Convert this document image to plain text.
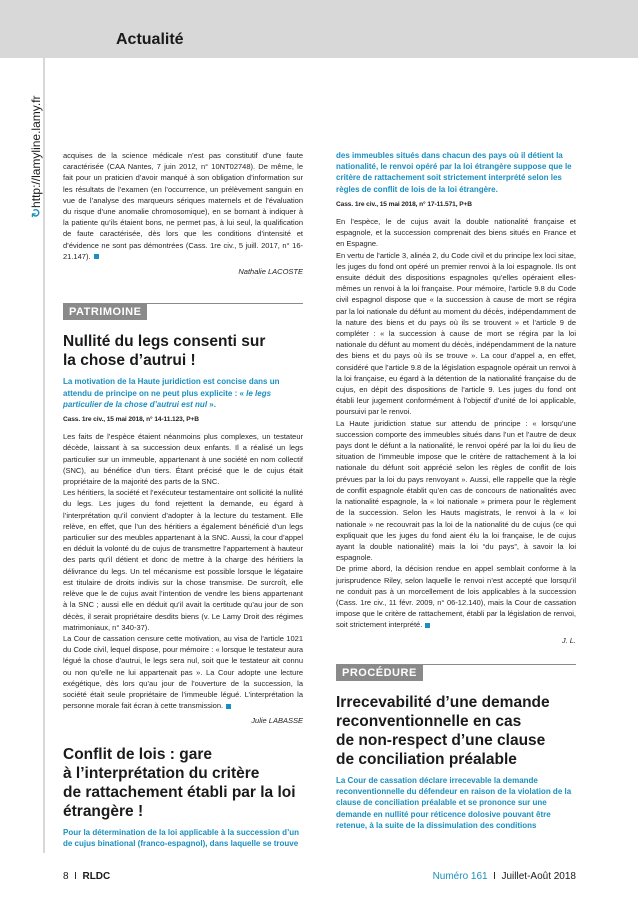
Actualité
↻http://lamyline.lamy.fr	acquises de la science médicale n’est pas constitutif d’une faute caractérisée (CAA Nantes, 7 juin 2012, n° 10NT02748). De même, le fait pour un praticien d’avoir manqué à son obligation d’information sur les résultats de l’examen (en l’occurrence, un prélèvement sanguin en vue de l’analyse des marqueurs sériques maternels et de l’évaluation du risque d’une anomalie chromosomique), en se bornant à indiquer à la patiente qu’ils étaient bons, ne permet pas, à lui seul, la qualification de faute caractérisée, dès lors que les conditions d’intensité et d’évidence ne sont pas démontrées (Cass. 1re civ., 5 juill. 2017, n° 16-21.147).

Nathalie LACOSTE
PATRIMOINE
Nullité du legs consenti sur
la chose d’autrui !
La motivation de la Haute juridiction est concise dans un attendu de principe on ne peut plus explicite : « le legs particulier de la chose d’autrui est nul ».
Cass. 1re civ., 15 mai 2018, n° 14-11.123, P+B

Les faits de l’espèce étaient néanmoins plus complexes, un testateur décède, laissant à sa succession deux enfants. Il a réalisé un legs particulier sur un immeuble, appartenant à une société en nom collectif (SNC), au bénéfice d’un tiers. Étant précisé que le de cujus était propriétaire de la majorité des parts de la SNC.

Les héritiers, la société et l’exécuteur testamentaire ont sollicité la nullité du legs. Les juges du fond rejettent la demande, eu égard à l’interprétation qu’il convient d’adopter à la lecture du testament. Elle relève, en effet, que l’un des héritiers a également bénéficié d’un legs particulier sur des meubles appartenant à la SNC. Aussi, la cour d’appel en déduit la volonté du de cujus de transmettre l’appartement à hauteur des parts qu’il détient et donc de mettre à la charge des héritiers la délivrance du legs. Un tel mécanisme est possible lorsque le légataire est titulaire de droits indivis sur la chose transmise. De surcroît, elle relève que le de cujus avait l’intention de vendre les biens appartenant à la SNC ; aussi elle en déduit qu’il avait la certitude qu’au jour de son décès, il serait propriétaire desdits biens (v. Le Lamy Droit des régimes matrimoniaux, n° 340-37).

La Cour de cassation censure cette motivation, au visa de l’article 1021 du Code civil, lequel dispose, pour mémoire : « lorsque le testateur aura légué la chose d’autrui, le legs sera nul, soit que le testateur ait connu ou non qu’elle ne lui appartenait pas ». La Cour adopte une lecture exégétique, dès lors qu’au jour de l’ouverture de la succession, la société était seule propriétaire de l’immeuble légué. L’interprétation la personne morale fait écran à cette transmission.

Julie LABASSE
Conflit de lois : gare
à l’interprétation du critère
de rattachement établi par la loi
étrangère !
Pour la détermination de la loi applicable à la succession d’un de cujus binational (franco-espagnol), dans laquelle se trouve
des immeubles situés dans chacun des pays où il détient la nationalité, le renvoi opéré par la loi étrangère suppose que le critère de rattachement soit strictement interprété selon les règles de conflit de lois de la loi étrangère.
Cass. 1re civ., 15 mai 2018, n° 17-11.571, P+B

En l’espèce, le de cujus avait la double nationalité française et espagnole, et la succession comprenait des biens situés en France et en Espagne.

En vertu de l’article 3, alinéa 2, du Code civil et du principe lex loci sitae, les juges du fond ont opéré un premier renvoi à la loi espagnole. Ils ont ensuite déduit des dispositions espagnoles qu’elles opéraient elles-mêmes un renvoi à la loi française. Pour mémoire, l’article 9.8 du Code civil espagnol dispose que « la succession à cause de mort se régira par la loi nationale du défunt au moment du décès, indépendamment de la nature des biens et du pays où ils se trouvent » et l’article 9 de compléter : « la succession à cause de mort se régira par la loi nationale du défunt au moment du décès, indépendamment de la nature des biens et du pays où ils se trouve ». La cour d’appel a, en effet, considéré que l’article 9.8 de la législation espagnole opérait un renvoi à la loi française, eu égard à la détention de la nationalité française du de cujus, en dépit des dispositions de l’article 9. Les juges du fond ont établi leur jugement conformément à l’objectif d’unité de loi applicable, poursuivi par le renvoi.

La Haute juridiction statue sur attendu de principe : « lorsqu’une succession comporte des immeubles situés dans l’un et l’autre de deux pays dont le défunt a la nationalité, le renvoi opéré par la loi du lieu de situation de l’immeuble impose que le critère de rattachement à la loi nationale du défunt soit apprécié selon les règles de conflit de lois prévues par la loi du pays renvoyant ». Aussi, elle rappelle que la règle de conflit espagnole établit qu’en cas de concours de nationalités avec la nationalité espagnole, la « loi nationale » primera pour le règlement de la succession. Selon les Hauts magistrats, le renvoi à la « loi nationale » ne recouvrait pas la loi de la nationalité du de cujus (ce qui expliquait que les juges du fond aient élu la loi française, le de cujus ayant la double nationalité) mais la loi “du pays”, à savoir la loi espagnole.

De prime abord, la décision rendue en appel semblait conforme à la jurisprudence Riley, selon laquelle le renvoi n’est accepté que lorsqu’il ne conduit pas à un morcellement de lois applicables à la succession (Cass. 1re civ., 11 févr. 2009, n° 06-12.140), mais la Cour de cassation impose que le critère de rattachement, établi par la législation de renvoi, soit strictement interprété.

J. L.
PROCÉDURE
Irrecevabilité d’une demande
reconventionnelle en cas
de non-respect d’une clause
de conciliation préalable
La Cour de cassation déclare irrecevable la demande reconventionnelle du défendeur en raison de la violation de la clause de conciliation préalable et se prononce sur une demande en nullité pour réticence dolosive pouvant être retenue, à la suite de la dissimulation des conditions
8 I RLDC	Numéro 161 I Juillet-Août 2018
